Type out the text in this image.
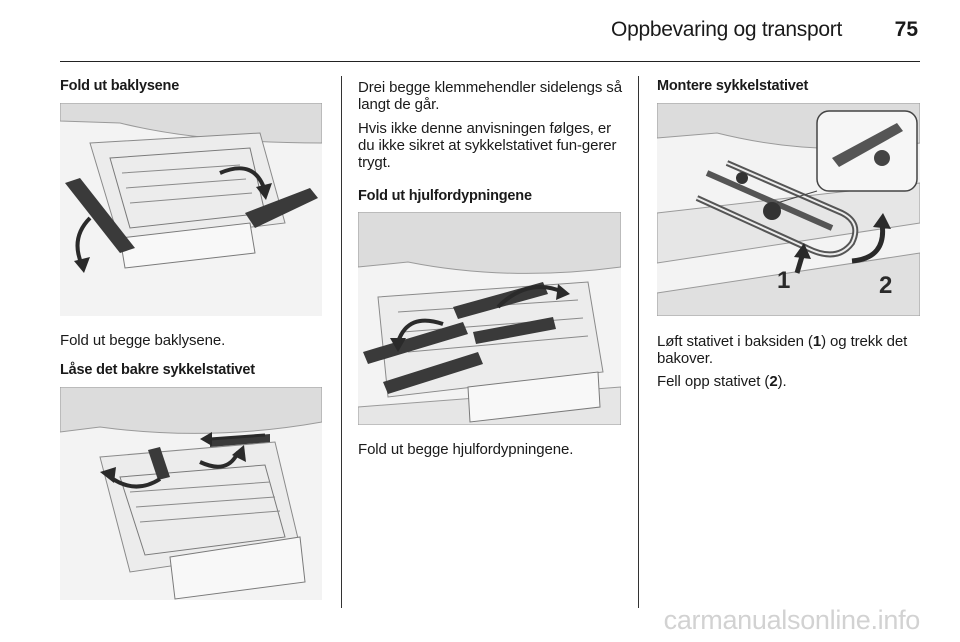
Oppbevaring og transport	75
Fold ut baklysene
Fold ut begge baklysene.
Låse det bakre sykkelstativet
Drei begge klemmehendler sidelengs så langt de går.
Hvis ikke denne anvisningen følges, er du ikke sikret at sykkelstativet fun-gerer trygt.
Fold ut hjulfordypningene
Fold ut begge hjulfordypningene.
Montere sykkelstativet
1	2
Løft stativet i baksiden (1) og trekk det bakover.
Fell opp stativet (2).
carmanualsonline.info
